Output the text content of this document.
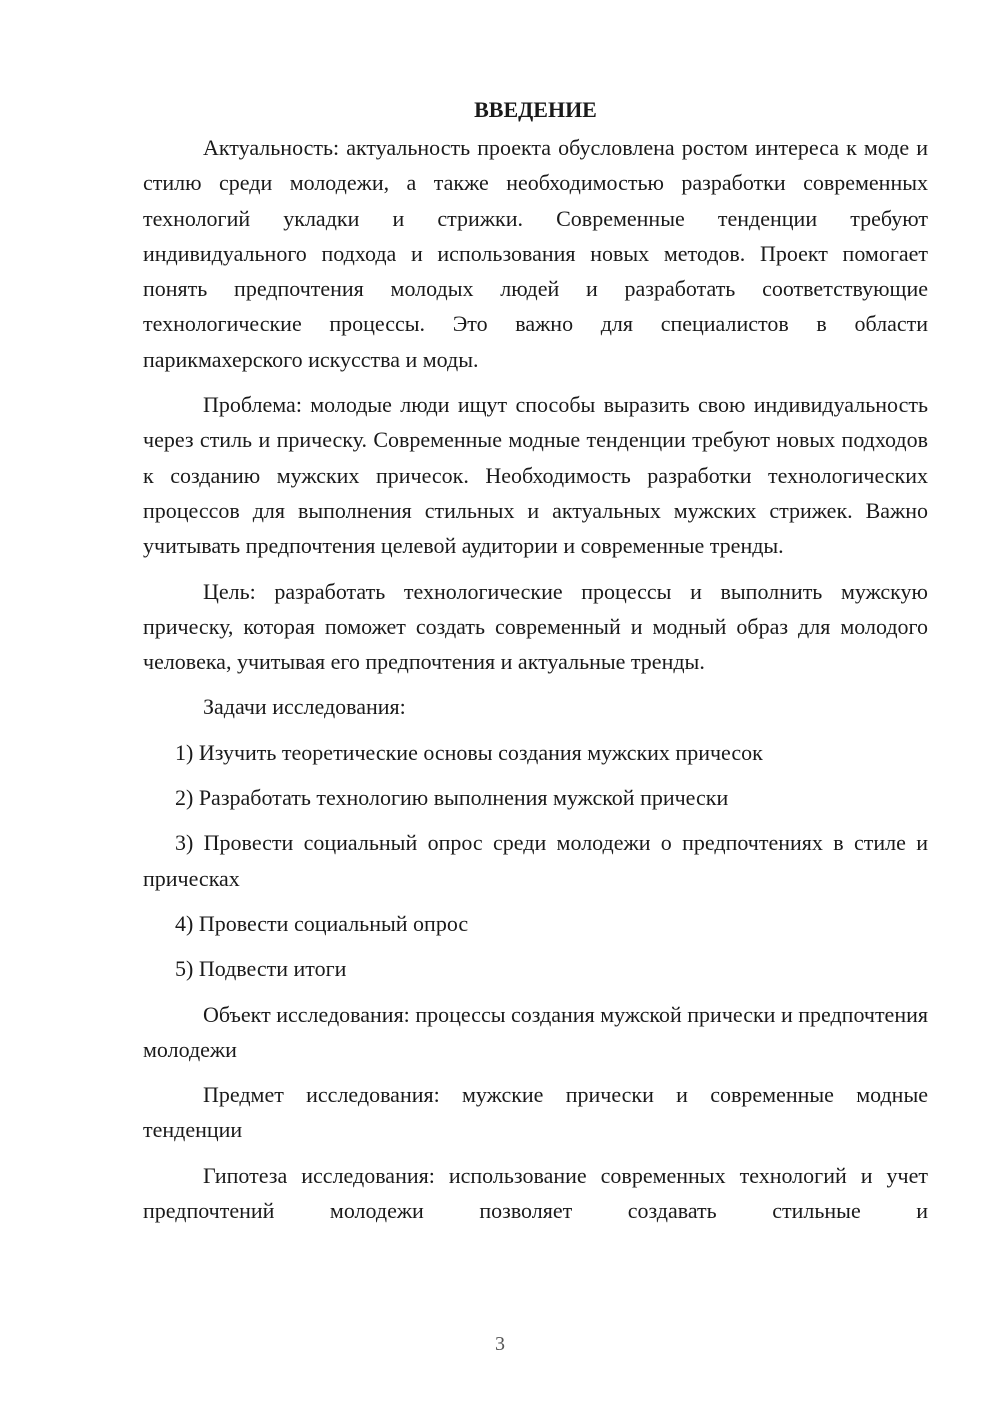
ВВЕДЕНИЕ

Актуальность: актуальность проекта обусловлена ростом интереса к моде и стилю среди молодежи, а также необходимостью разработки современных технологий укладки и стрижки. Современные тенденции требуют индивидуального подхода и использования новых методов. Проект помогает понять предпочтения молодых людей и разработать соответствующие технологические процессы. Это важно для специалистов в области парикмахерского искусства и моды.

Проблема: молодые люди ищут способы выразить свою индивидуальность через стиль и прическу. Современные модные тенденции требуют новых подходов к созданию мужских причесок. Необходимость разработки технологических процессов для выполнения стильных и актуальных мужских стрижек. Важно учитывать предпочтения целевой аудитории и современные тренды.

Цель: разработать технологические процессы и выполнить мужскую прическу, которая поможет создать современный и модный образ для молодого человека, учитывая его предпочтения и актуальные тренды.

Задачи исследования:

1) Изучить теоретические основы создания мужских причесок
2) Разработать технологию выполнения мужской прически
3) Провести социальный опрос среди молодежи о предпочтениях в стиле и прическах
4) Провести социальный опрос
5) Подвести итоги

Объект исследования: процессы создания мужской прически и предпочтения молодежи

Предмет исследования: мужские прически и современные модные тенденции

Гипотеза исследования: использование современных технологий и учет предпочтений молодежи позволяет создавать стильные и

3
